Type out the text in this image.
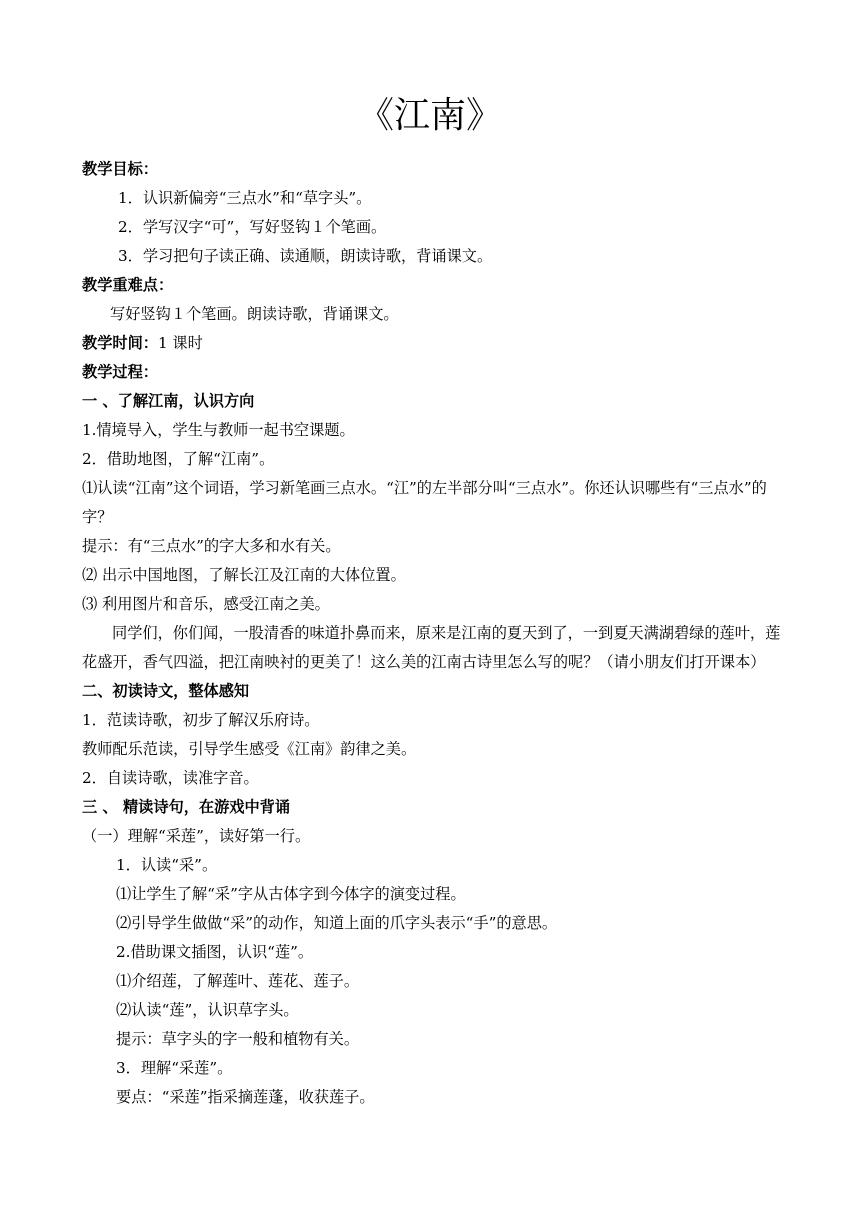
《江南》
教学目标：
1．认识新偏旁“三点水”和“草字头”。
2．学写汉字“可”，写好竖钩１个笔画。
3．学习把句子读正确、读通顺，朗读诗歌，背诵课文。
教学重难点：
写好竖钩１个笔画。朗读诗歌，背诵课文。
教学时间：1 课时
教学过程：
一 、了解江南，认识方向
1.情境导入，学生与教师一起书空课题。
2．借助地图，了解“江南”。
⑴认读“江南”这个词语，学习新笔画三点水。“江”的左半部分叫“三点水”。你还认识哪些有“三点水”的字？
提示：有“三点水”的字大多和水有关。
⑵ 出示中国地图，了解长江及江南的大体位置。
⑶ 利用图片和音乐，感受江南之美。
同学们，你们闻，一股清香的味道扑鼻而来，原来是江南的夏天到了，一到夏天满湖碧绿的莲叶，莲花盛开，香气四溢，把江南映衬的更美了！这么美的江南古诗里怎么写的呢？（请小朋友们打开课本）
二、初读诗文，整体感知
1．范读诗歌，初步了解汉乐府诗。
教师配乐范读，引导学生感受《江南》韵律之美。
2．自读诗歌，读准字音。
三 、 精读诗句，在游戏中背诵
（一）理解“采莲”，读好第一行。
1．认读“采”。
⑴让学生了解“采”字从古体字到今体字的演变过程。
⑵引导学生做做“采”的动作，知道上面的爪字头表示“手”的意思。
2.借助课文插图，认识“莲”。
⑴介绍莲，了解莲叶、莲花、莲子。
⑵认读“莲”，认识草字头。
提示：草字头的字一般和植物有关。
3．理解“采莲”。
要点：“采莲”指采摘莲蓬，收获莲子。
